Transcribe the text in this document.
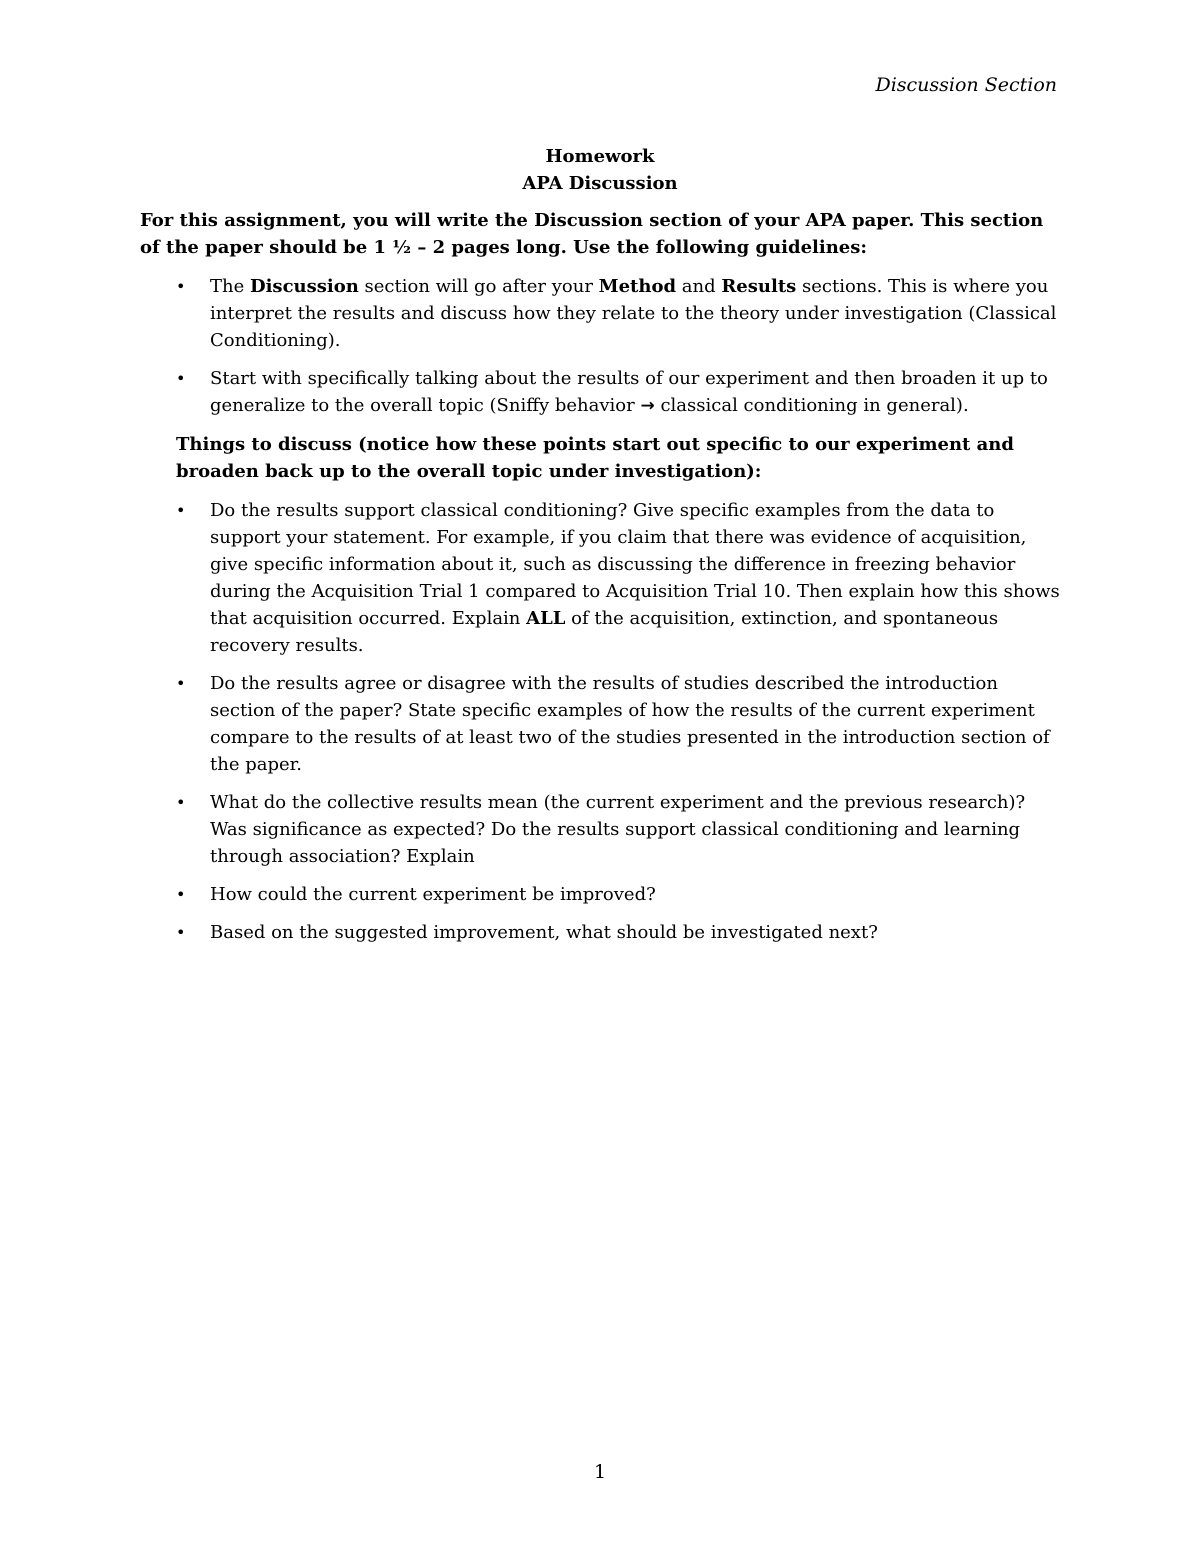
Discussion Section
Homework
APA Discussion

For this assignment, you will write the Discussion section of your APA paper. This section of the paper should be 1 ½ – 2 pages long. Use the following guidelines:

• The Discussion section will go after your Method and Results sections. This is where you interpret the results and discuss how they relate to the theory under investigation (Classical Conditioning).
• Start with specifically talking about the results of our experiment and then broaden it up to generalize to the overall topic (Sniffy behavior → classical conditioning in general).

Things to discuss (notice how these points start out specific to our experiment and broaden back up to the overall topic under investigation):

• Do the results support classical conditioning? Give specific examples from the data to support your statement. For example, if you claim that there was evidence of acquisition, give specific information about it, such as discussing the difference in freezing behavior during the Acquisition Trial 1 compared to Acquisition Trial 10. Then explain how this shows that acquisition occurred. Explain ALL of the acquisition, extinction, and spontaneous recovery results.
• Do the results agree or disagree with the results of studies described the introduction section of the paper? State specific examples of how the results of the current experiment compare to the results of at least two of the studies presented in the introduction section of the paper.
• What do the collective results mean (the current experiment and the previous research)? Was significance as expected? Do the results support classical conditioning and learning through association? Explain
• How could the current experiment be improved?
• Based on the suggested improvement, what should be investigated next?
1
